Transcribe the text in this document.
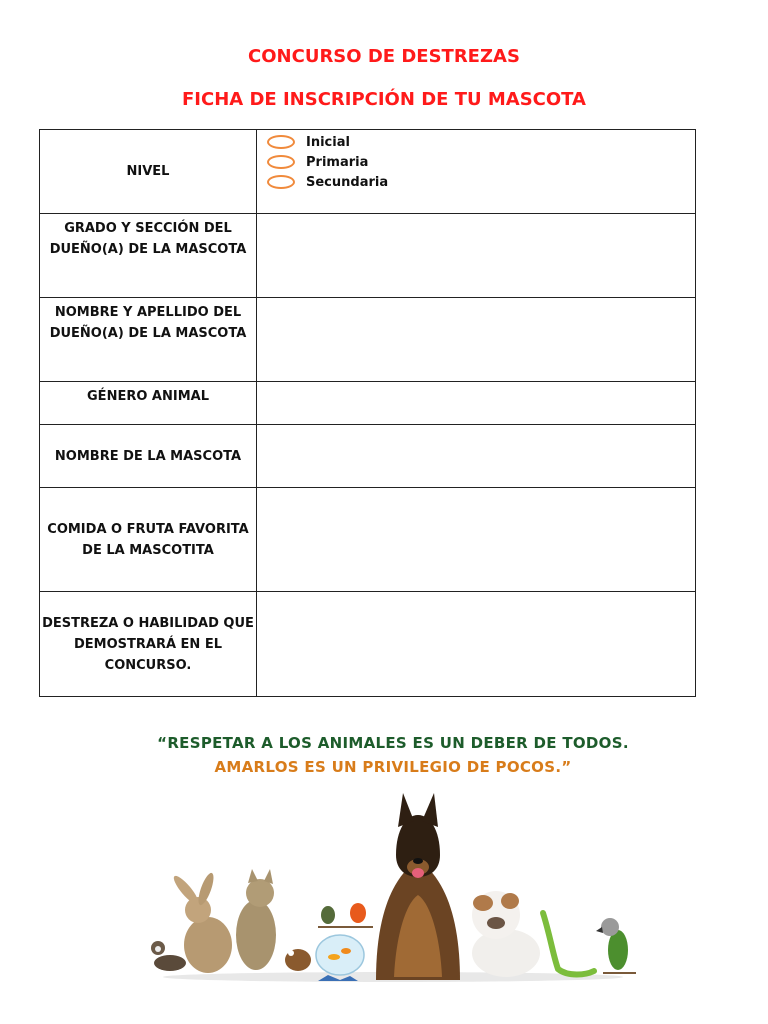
CONCURSO DE DESTREZAS
FICHA DE INSCRIPCIÓN DE TU MASCOTA
NIVEL	Inicial
Primaria
Secundaria

GRADO Y SECCIÓN DEL DUEÑO(A) DE LA MASCOTA	
NOMBRE Y APELLIDO DEL DUEÑO(A) DE LA MASCOTA	
GÉNERO ANIMAL	
NOMBRE DE LA MASCOTA	
COMIDA O FRUTA FAVORITA DE LA MASCOTITA	
DESTREZA O HABILIDAD QUE DEMOSTRARÁ EN EL CONCURSO.	
“RESPETAR A LOS ANIMALES ES UN DEBER DE TODOS.
AMARLOS ES UN PRIVILEGIO DE POCOS.”
